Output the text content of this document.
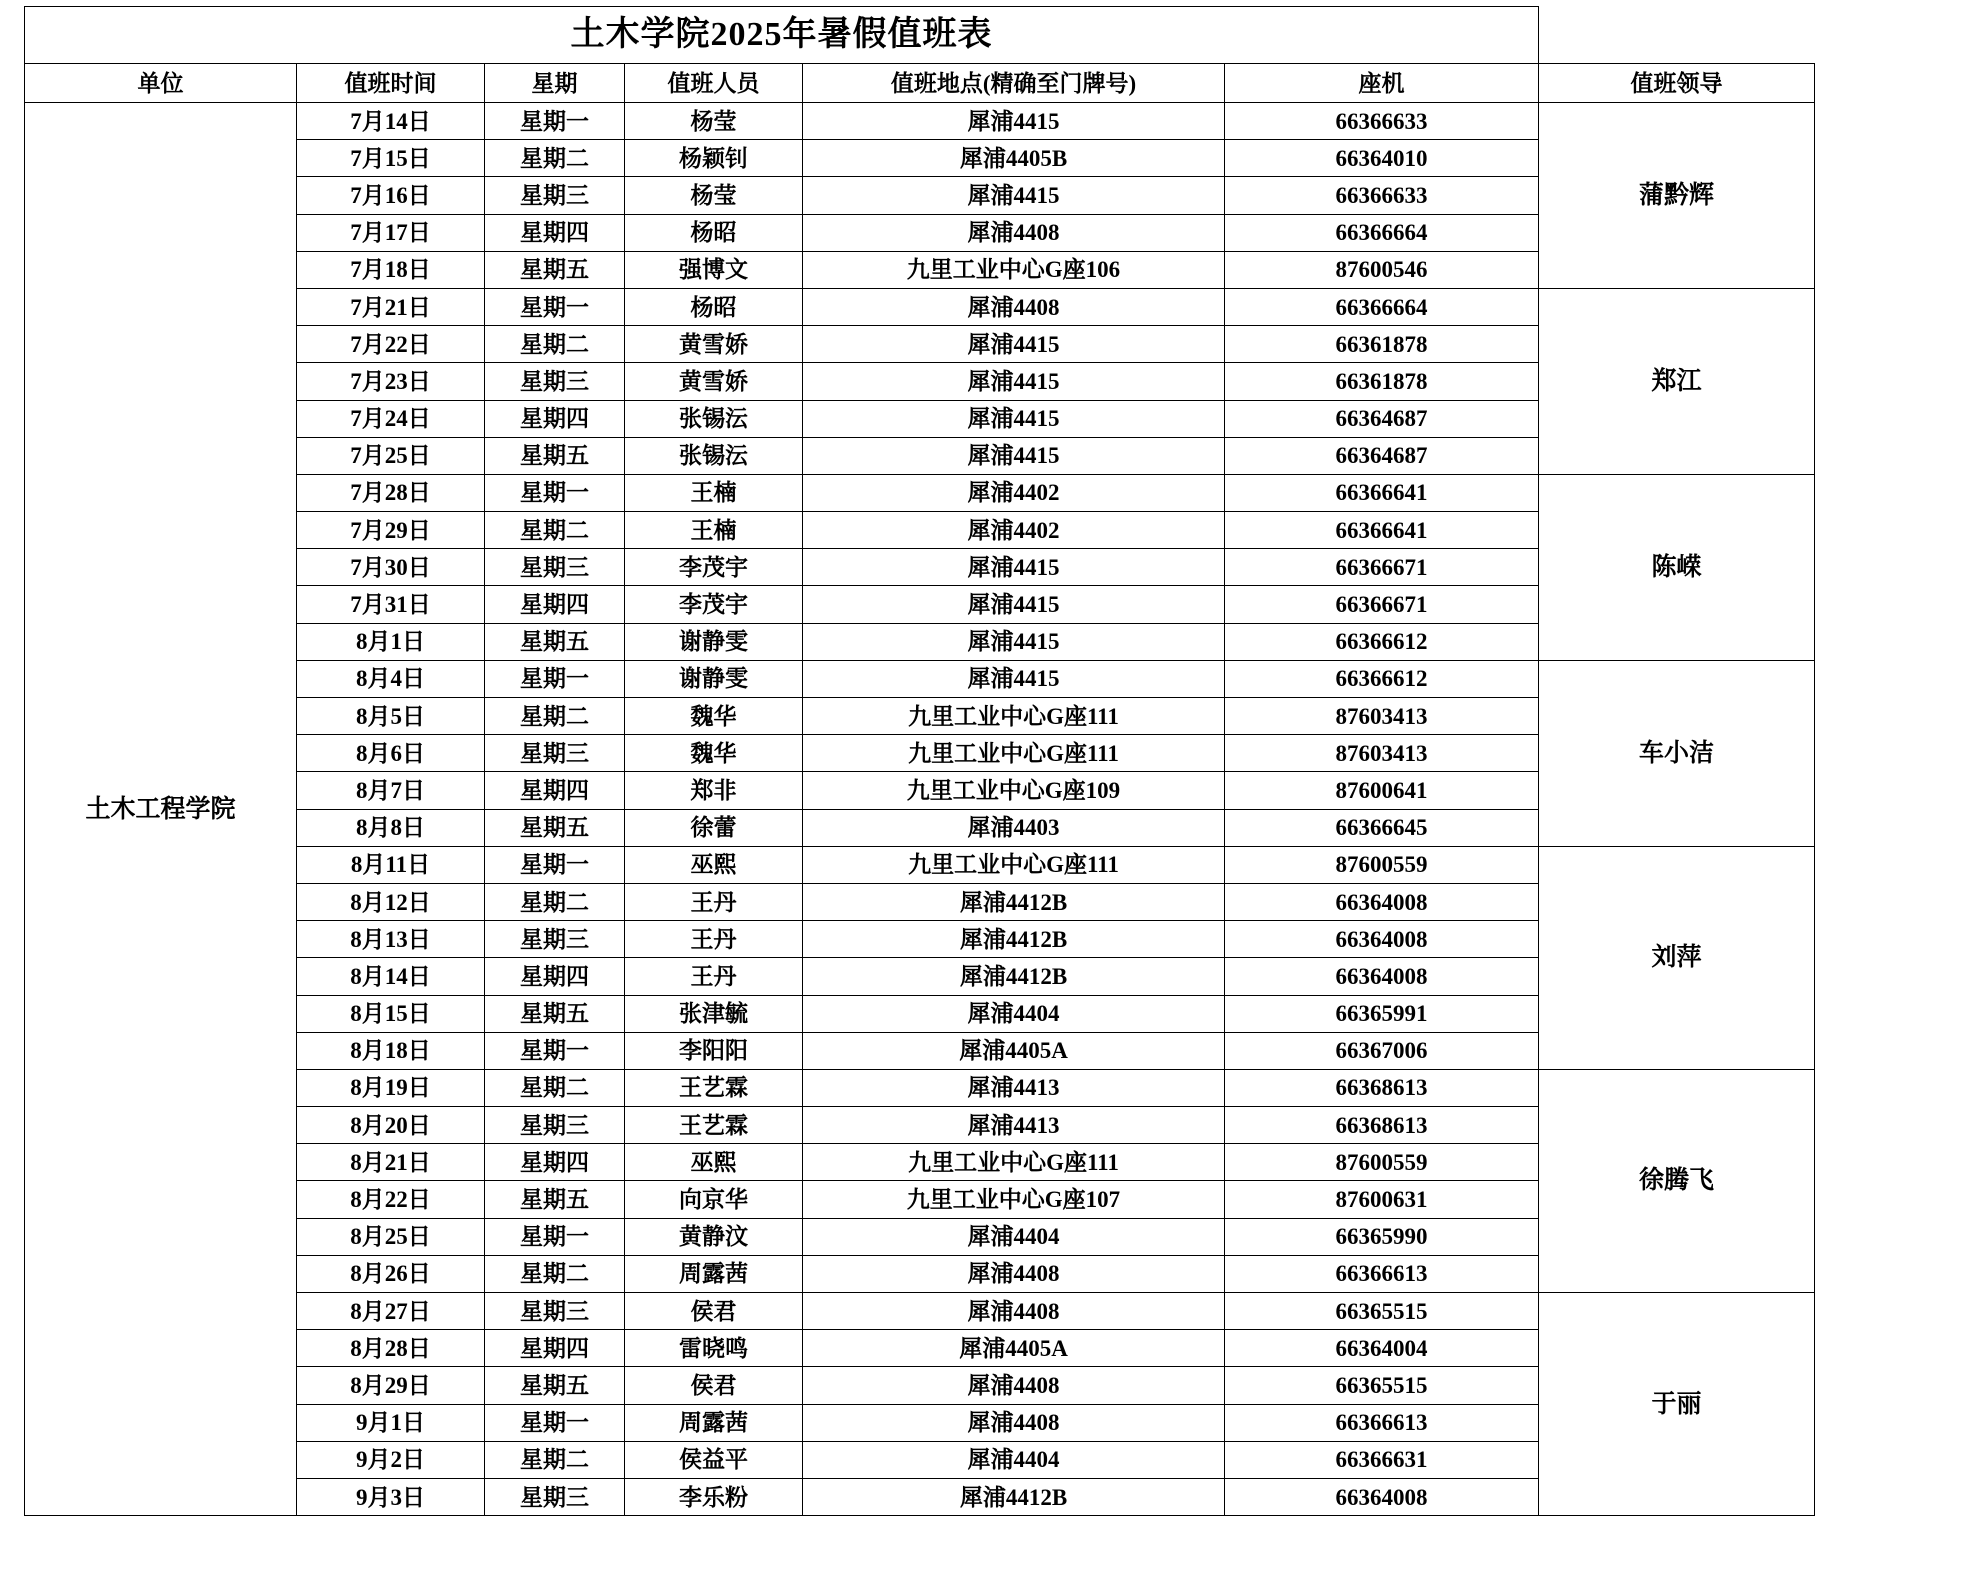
土木学院2025年暑假值班表						
单位	值班时间	星期	值班人员	值班地点(精确至门牌号)	座机	值班领导
土木工程学院	7月14日	星期一	杨莹	犀浦4415	66366633	蒲黔辉
	7月15日	星期二	杨颖钊	犀浦4405B	66364010	
	7月16日	星期三	杨莹	犀浦4415	66366633	
	7月17日	星期四	杨昭	犀浦4408	66366664	
	7月18日	星期五	强博文	九里工业中心G座106	87600546	
	7月21日	星期一	杨昭	犀浦4408	66366664	郑江
	7月22日	星期二	黄雪娇	犀浦4415	66361878	
	7月23日	星期三	黄雪娇	犀浦4415	66361878	
	7月24日	星期四	张锡沄	犀浦4415	66364687	
	7月25日	星期五	张锡沄	犀浦4415	66364687	
	7月28日	星期一	王楠	犀浦4402	66366641	陈嵘
	7月29日	星期二	王楠	犀浦4402	66366641	
	7月30日	星期三	李茂宇	犀浦4415	66366671	
	7月31日	星期四	李茂宇	犀浦4415	66366671	
	8月1日	星期五	谢静雯	犀浦4415	66366612	
	8月4日	星期一	谢静雯	犀浦4415	66366612	车小洁
	8月5日	星期二	魏华	九里工业中心G座111	87603413	
	8月6日	星期三	魏华	九里工业中心G座111	87603413	
	8月7日	星期四	郑非	九里工业中心G座109	87600641	
	8月8日	星期五	徐蕾	犀浦4403	66366645	
	8月11日	星期一	巫熙	九里工业中心G座111	87600559	刘萍
	8月12日	星期二	王丹	犀浦4412B	66364008	
	8月13日	星期三	王丹	犀浦4412B	66364008	
	8月14日	星期四	王丹	犀浦4412B	66364008	
	8月15日	星期五	张津毓	犀浦4404	66365991	
	8月18日	星期一	李阳阳	犀浦4405A	66367006	
	8月19日	星期二	王艺霖	犀浦4413	66368613	徐腾飞
	8月20日	星期三	王艺霖	犀浦4413	66368613	
	8月21日	星期四	巫熙	九里工业中心G座111	87600559	
	8月22日	星期五	向京华	九里工业中心G座107	87600631	
	8月25日	星期一	黄静汶	犀浦4404	66365990	
	8月26日	星期二	周露茜	犀浦4408	66366613	
	8月27日	星期三	侯君	犀浦4408	66365515	于丽
	8月28日	星期四	雷晓鸣	犀浦4405A	66364004	
	8月29日	星期五	侯君	犀浦4408	66365515	
	9月1日	星期一	周露茜	犀浦4408	66366613	
	9月2日	星期二	侯益平	犀浦4404	66366631	
	9月3日	星期三	李乐粉	犀浦4412B	66364008	
